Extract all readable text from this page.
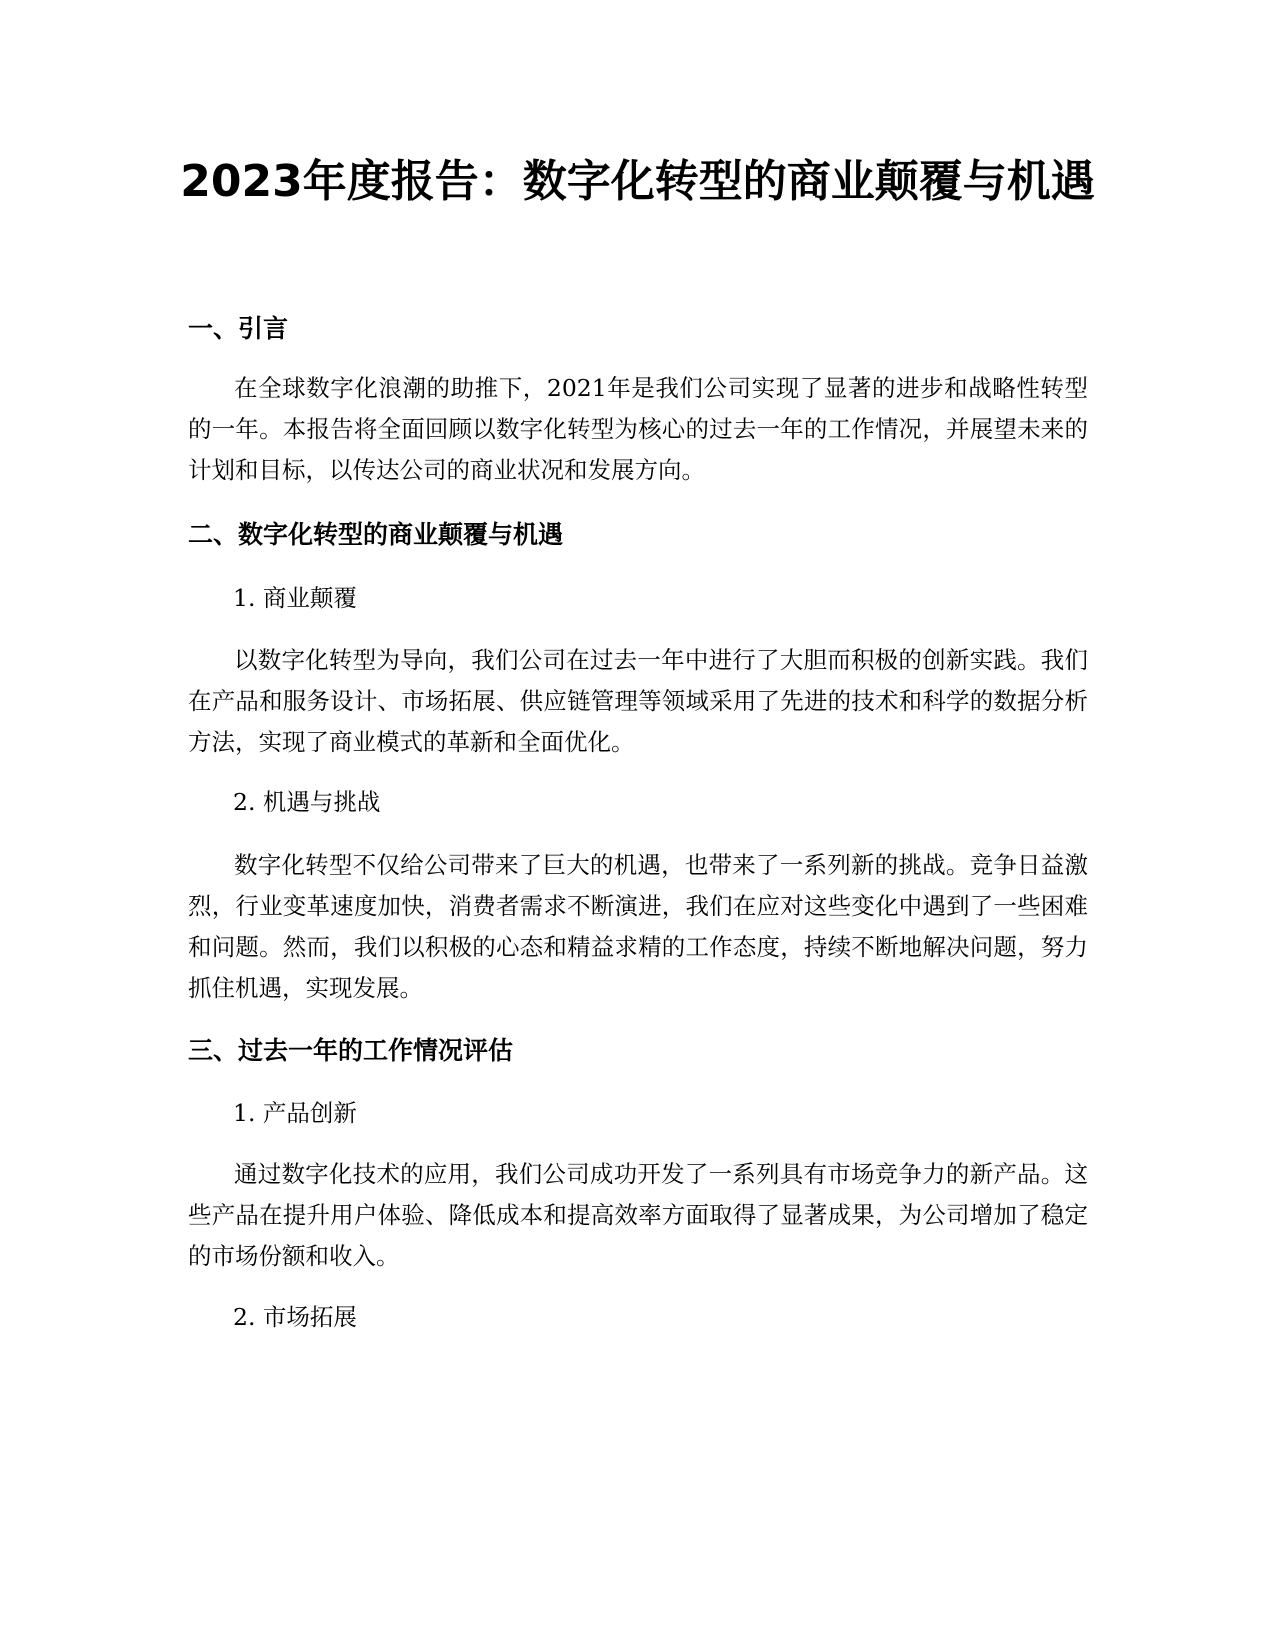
2023年度报告：数字化转型的商业颠覆与机遇
一、引言

在全球数字化浪潮的助推下，2021年是我们公司实现了显著的进步和战略性转型的一年。本报告将全面回顾以数字化转型为核心的过去一年的工作情况，并展望未来的计划和目标，以传达公司的商业状况和发展方向。

二、数字化转型的商业颠覆与机遇

1. 商业颠覆

以数字化转型为导向，我们公司在过去一年中进行了大胆而积极的创新实践。我们在产品和服务设计、市场拓展、供应链管理等领域采用了先进的技术和科学的数据分析方法，实现了商业模式的革新和全面优化。

2. 机遇与挑战

数字化转型不仅给公司带来了巨大的机遇，也带来了一系列新的挑战。竞争日益激烈，行业变革速度加快，消费者需求不断演进，我们在应对这些变化中遇到了一些困难和问题。然而，我们以积极的心态和精益求精的工作态度，持续不断地解决问题，努力抓住机遇，实现发展。

三、过去一年的工作情况评估

1. 产品创新

通过数字化技术的应用，我们公司成功开发了一系列具有市场竞争力的新产品。这些产品在提升用户体验、降低成本和提高效率方面取得了显著成果，为公司增加了稳定的市场份额和收入。

2. 市场拓展
